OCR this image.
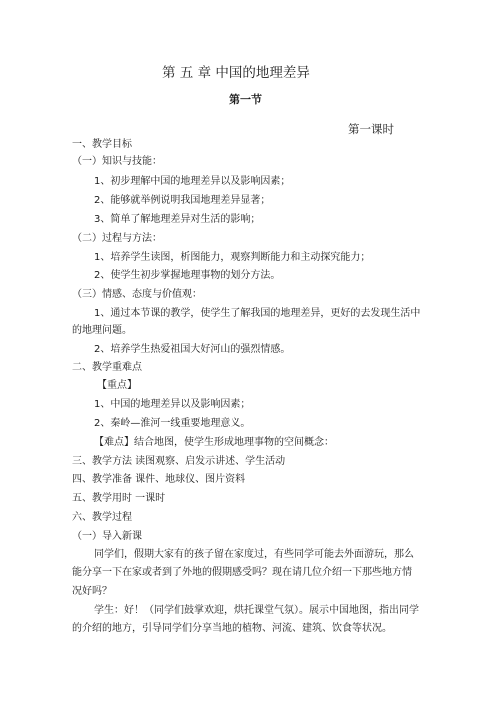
第 五 章 中国的地理差异
第一节
第一课时
一、教学目标
（一）知识与技能：
1、初步理解中国的地理差异以及影响因素；
2、能够就举例说明我国地理差异显著；
3、简单了解地理差异对生活的影响；
（二）过程与方法：
1、培养学生读图，析图能力，观察判断能力和主动探究能力；
2、使学生初步掌握地理事物的划分方法。
（三）情感、态度与价值观：
1、通过本节课的教学，使学生了解我国的地理差异，更好的去发现生活中
的地理问题。
2、培养学生热爱祖国大好河山的强烈情感。
二、教学重难点
【重点】
1、中国的地理差异以及影响因素；
2、秦岭—淮河一线重要地理意义。
【难点】结合地图，使学生形成地理事物的空间概念：
三、教学方法 读图观察、启发示讲述、学生活动
四、教学准备 课件、地球仪、图片资料
五、教学用时 一课时
六、教学过程
（一）导入新课
同学们，假期大家有的孩子留在家度过，有些同学可能去外面游玩，那么
能分享一下在家或者到了外地的假期感受吗？现在请几位介绍一下那些地方情
况好吗？
学生：好！（同学们鼓掌欢迎，烘托课堂气氛）。展示中国地图，指出同学
的介绍的地方，引导同学们分享当地的植物、河流、建筑、饮食等状况。
